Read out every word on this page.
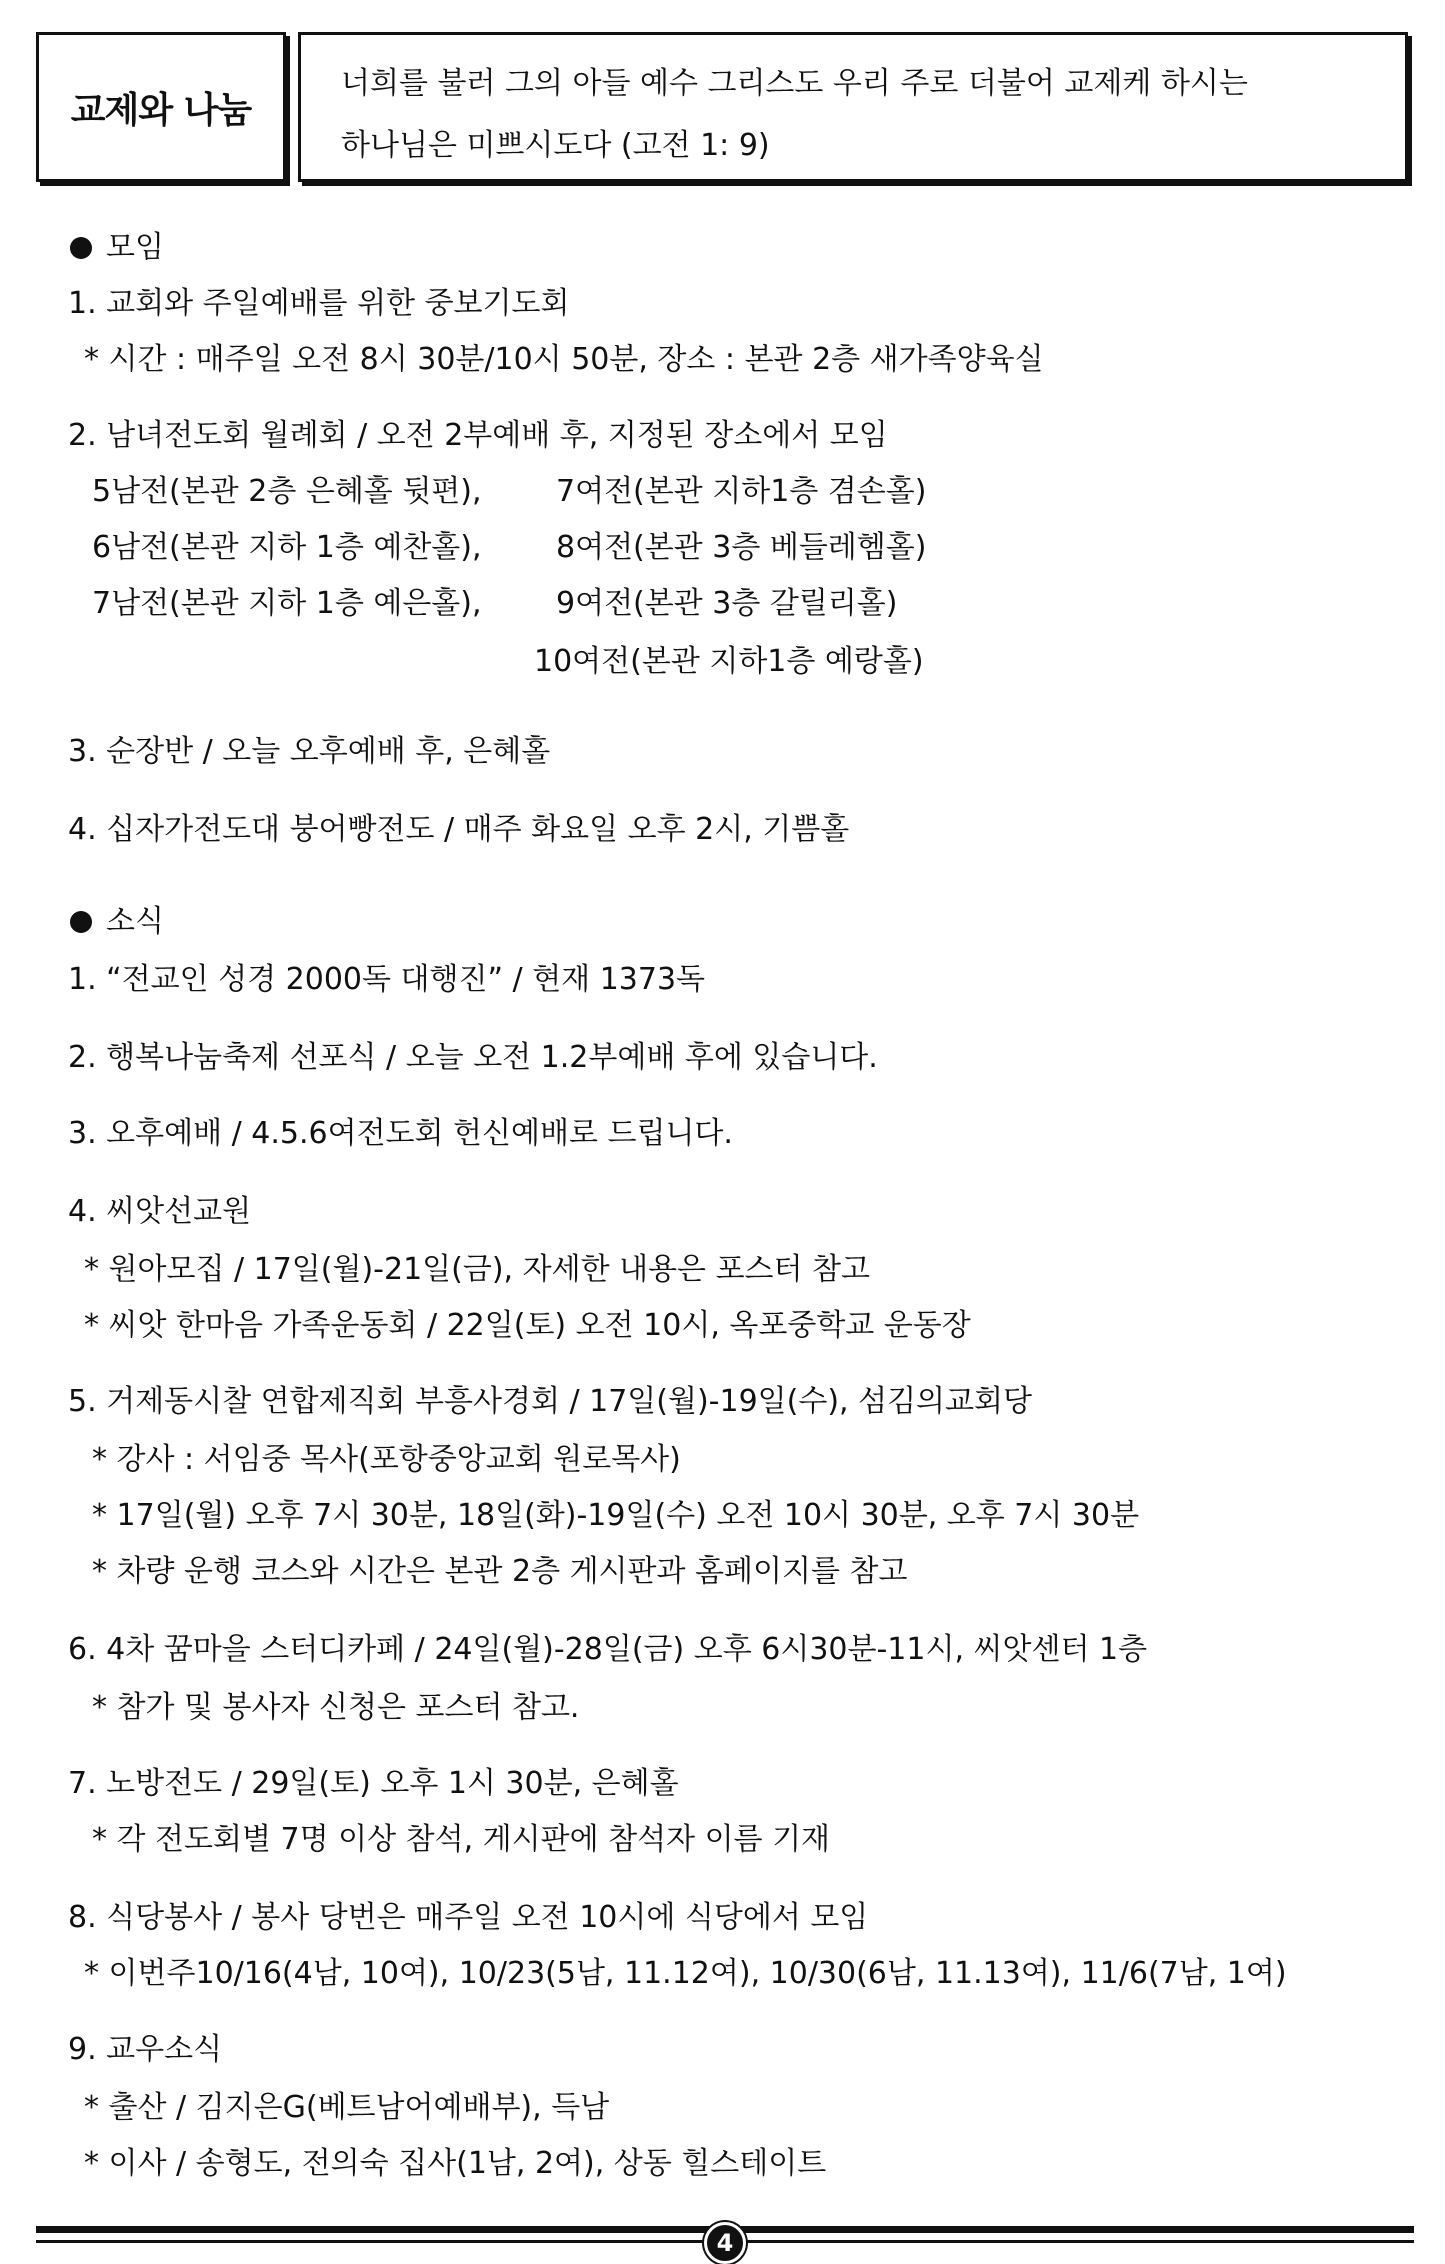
교제와 나눔
너희를 불러 그의 아들 예수 그리스도 우리 주로 더불어 교제케 하시는
하나님은 미쁘시도다 (고전 1: 9)
모임
1. 교회와 주일예배를 위한 중보기도회
* 시간 : 매주일 오전 8시 30분/10시 50분, 장소 : 본관 2층 새가족양육실
2. 남녀전도회 월례회 / 오전 2부예배 후, 지정된 장소에서 모임
5남전(본관 2층 은혜홀 뒷편),
6남전(본관 지하 1층 예찬홀),
7남전(본관 지하 1층 예은홀),
7여전(본관 지하1층 겸손홀)
8여전(본관 3층 베들레헴홀)
9여전(본관 3층 갈릴리홀)
10여전(본관 지하1층 예랑홀)
3. 순장반 / 오늘 오후예배 후, 은혜홀
4. 십자가전도대 붕어빵전도 / 매주 화요일 오후 2시, 기쁨홀
소식
1. “전교인 성경 2000독 대행진” / 현재 1373독
2. 행복나눔축제 선포식 / 오늘 오전 1.2부예배 후에 있습니다.
3. 오후예배 / 4.5.6여전도회 헌신예배로 드립니다.
4. 씨앗선교원
* 원아모집 / 17일(월)-21일(금), 자세한 내용은 포스터 참고
* 씨앗 한마음 가족운동회 / 22일(토) 오전 10시, 옥포중학교 운동장
5. 거제동시찰 연합제직회 부흥사경회 / 17일(월)-19일(수), 섬김의교회당
* 강사 : 서임중 목사(포항중앙교회 원로목사)
* 17일(월) 오후 7시 30분, 18일(화)-19일(수) 오전 10시 30분, 오후 7시 30분
* 차량 운행 코스와 시간은 본관 2층 게시판과 홈페이지를 참고
6. 4차 꿈마을 스터디카페 / 24일(월)-28일(금) 오후 6시30분-11시, 씨앗센터 1층
* 참가 및 봉사자 신청은 포스터 참고.
7. 노방전도 / 29일(토) 오후 1시 30분, 은혜홀
* 각 전도회별 7명 이상 참석, 게시판에 참석자 이름 기재
8. 식당봉사 / 봉사 당번은 매주일 오전 10시에 식당에서 모임
* 이번주10/16(4남, 10여), 10/23(5남, 11.12여), 10/30(6남, 11.13여), 11/6(7남, 1여)
9. 교우소식
* 출산 / 김지은G(베트남어예배부), 득남
* 이사 / 송형도, 전의숙 집사(1남, 2여), 상동 힐스테이트
4
